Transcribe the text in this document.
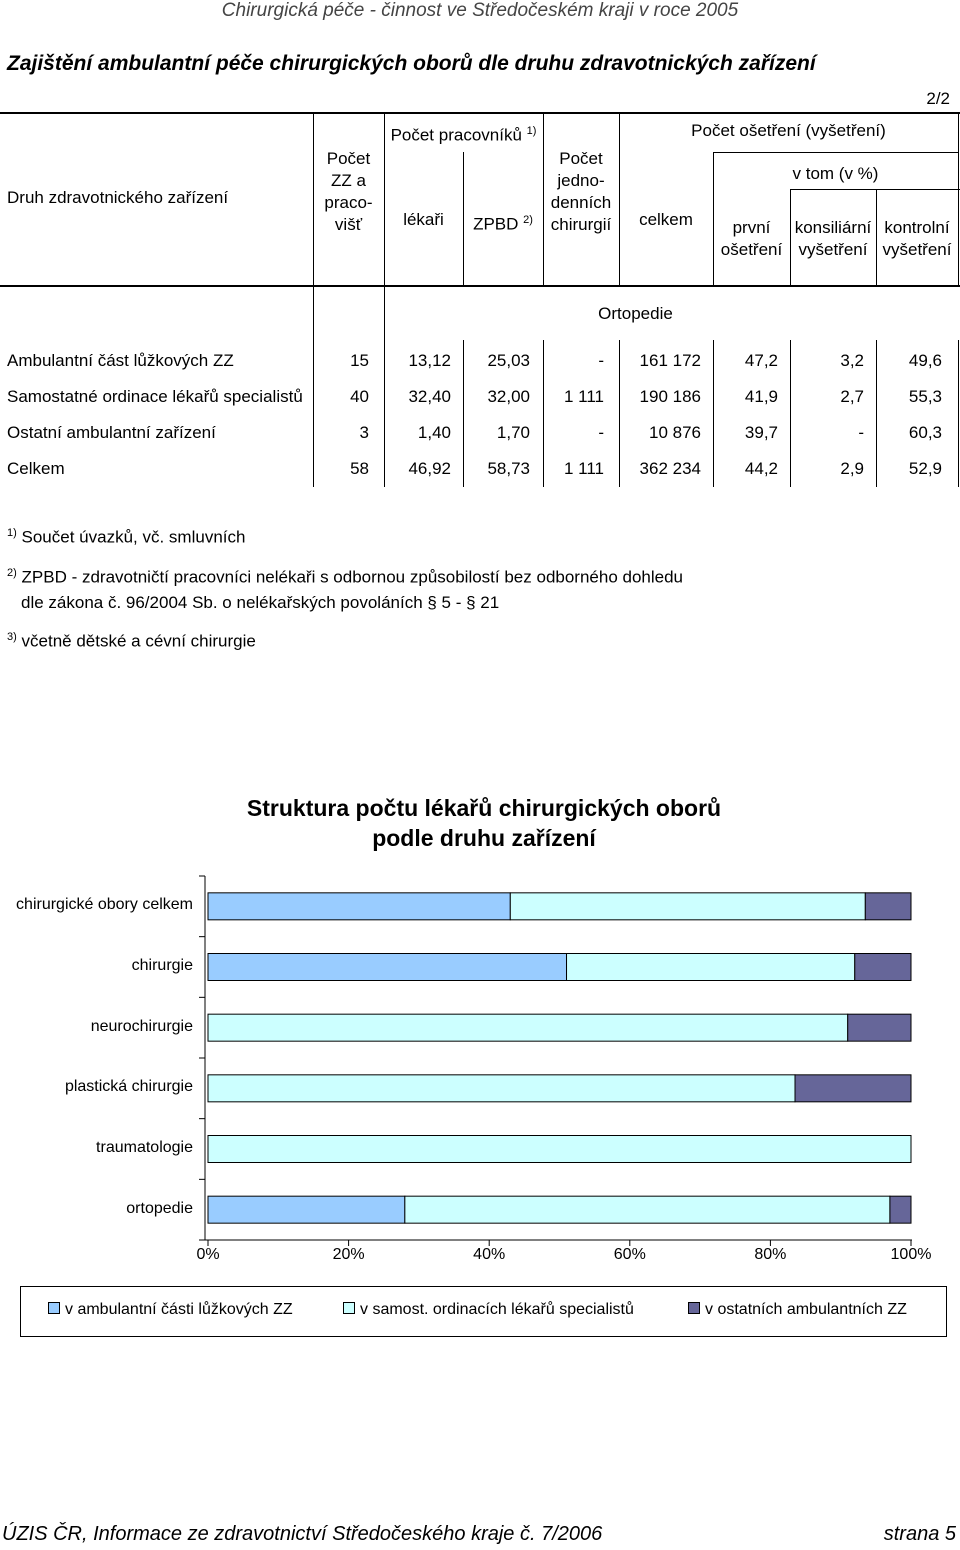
Chirurgická péče - činnost ve Středočeském kraji v roce 2005
Zajištění ambulantní péče chirurgických oborů dle druhu zdravotnických zařízení
2/2
Druh zdravotnického zařízení
Počet
ZZ a
praco-
višť
Počet pracovníků $^{1)}$
lékaři	ZPBD $^{2)}$
Počet
jedno-
denních
chirurgií
Počet ošetření (vyšetření)
celkem
v tom (v %)
první
ošetření
konsiliární
vyšetření
kontrolní
vyšetření
Ortopedie
Ambulantní část lůžkových ZZ	15	13,12	25,03	-	161 172	47,2	3,2	49,6
Samostatné ordinace lékařů specialistů	40	32,40	32,00	1 111	190 186	41,9	2,7	55,3
Ostatní ambulantní zařízení	3	1,40	1,70	-	10 876	39,7	-	60,3
Celkem	58	46,92	58,73	1 111	362 234	44,2	2,9	52,9
$^{1)}$ Součet úvazků, vč. smluvních
$^{2)}$ ZPBD - zdravotničtí pracovníci nelékaři s odbornou způsobilostí bez odborného dohledu
dle zákona č. 96/2004 Sb. o nelékařských povoláních § 5 - § 21
$^{3)}$ včetně dětské a cévní chirurgie
Struktura počtu lékařů chirurgických oborů
podle druhu zařízení
chirurgické obory celkem
chirurgie
neurochirurgie
plastická chirurgie
traumatologie
ortopedie
0%	20%	40%	60%	80%	100%
v ambulantní části lůžkových ZZ	v samost. ordinacích lékařů specialistů	v ostatních ambulantních ZZ
ÚZIS ČR, Informace ze zdravotnictví Středočeského kraje č. 7/2006	strana 5
